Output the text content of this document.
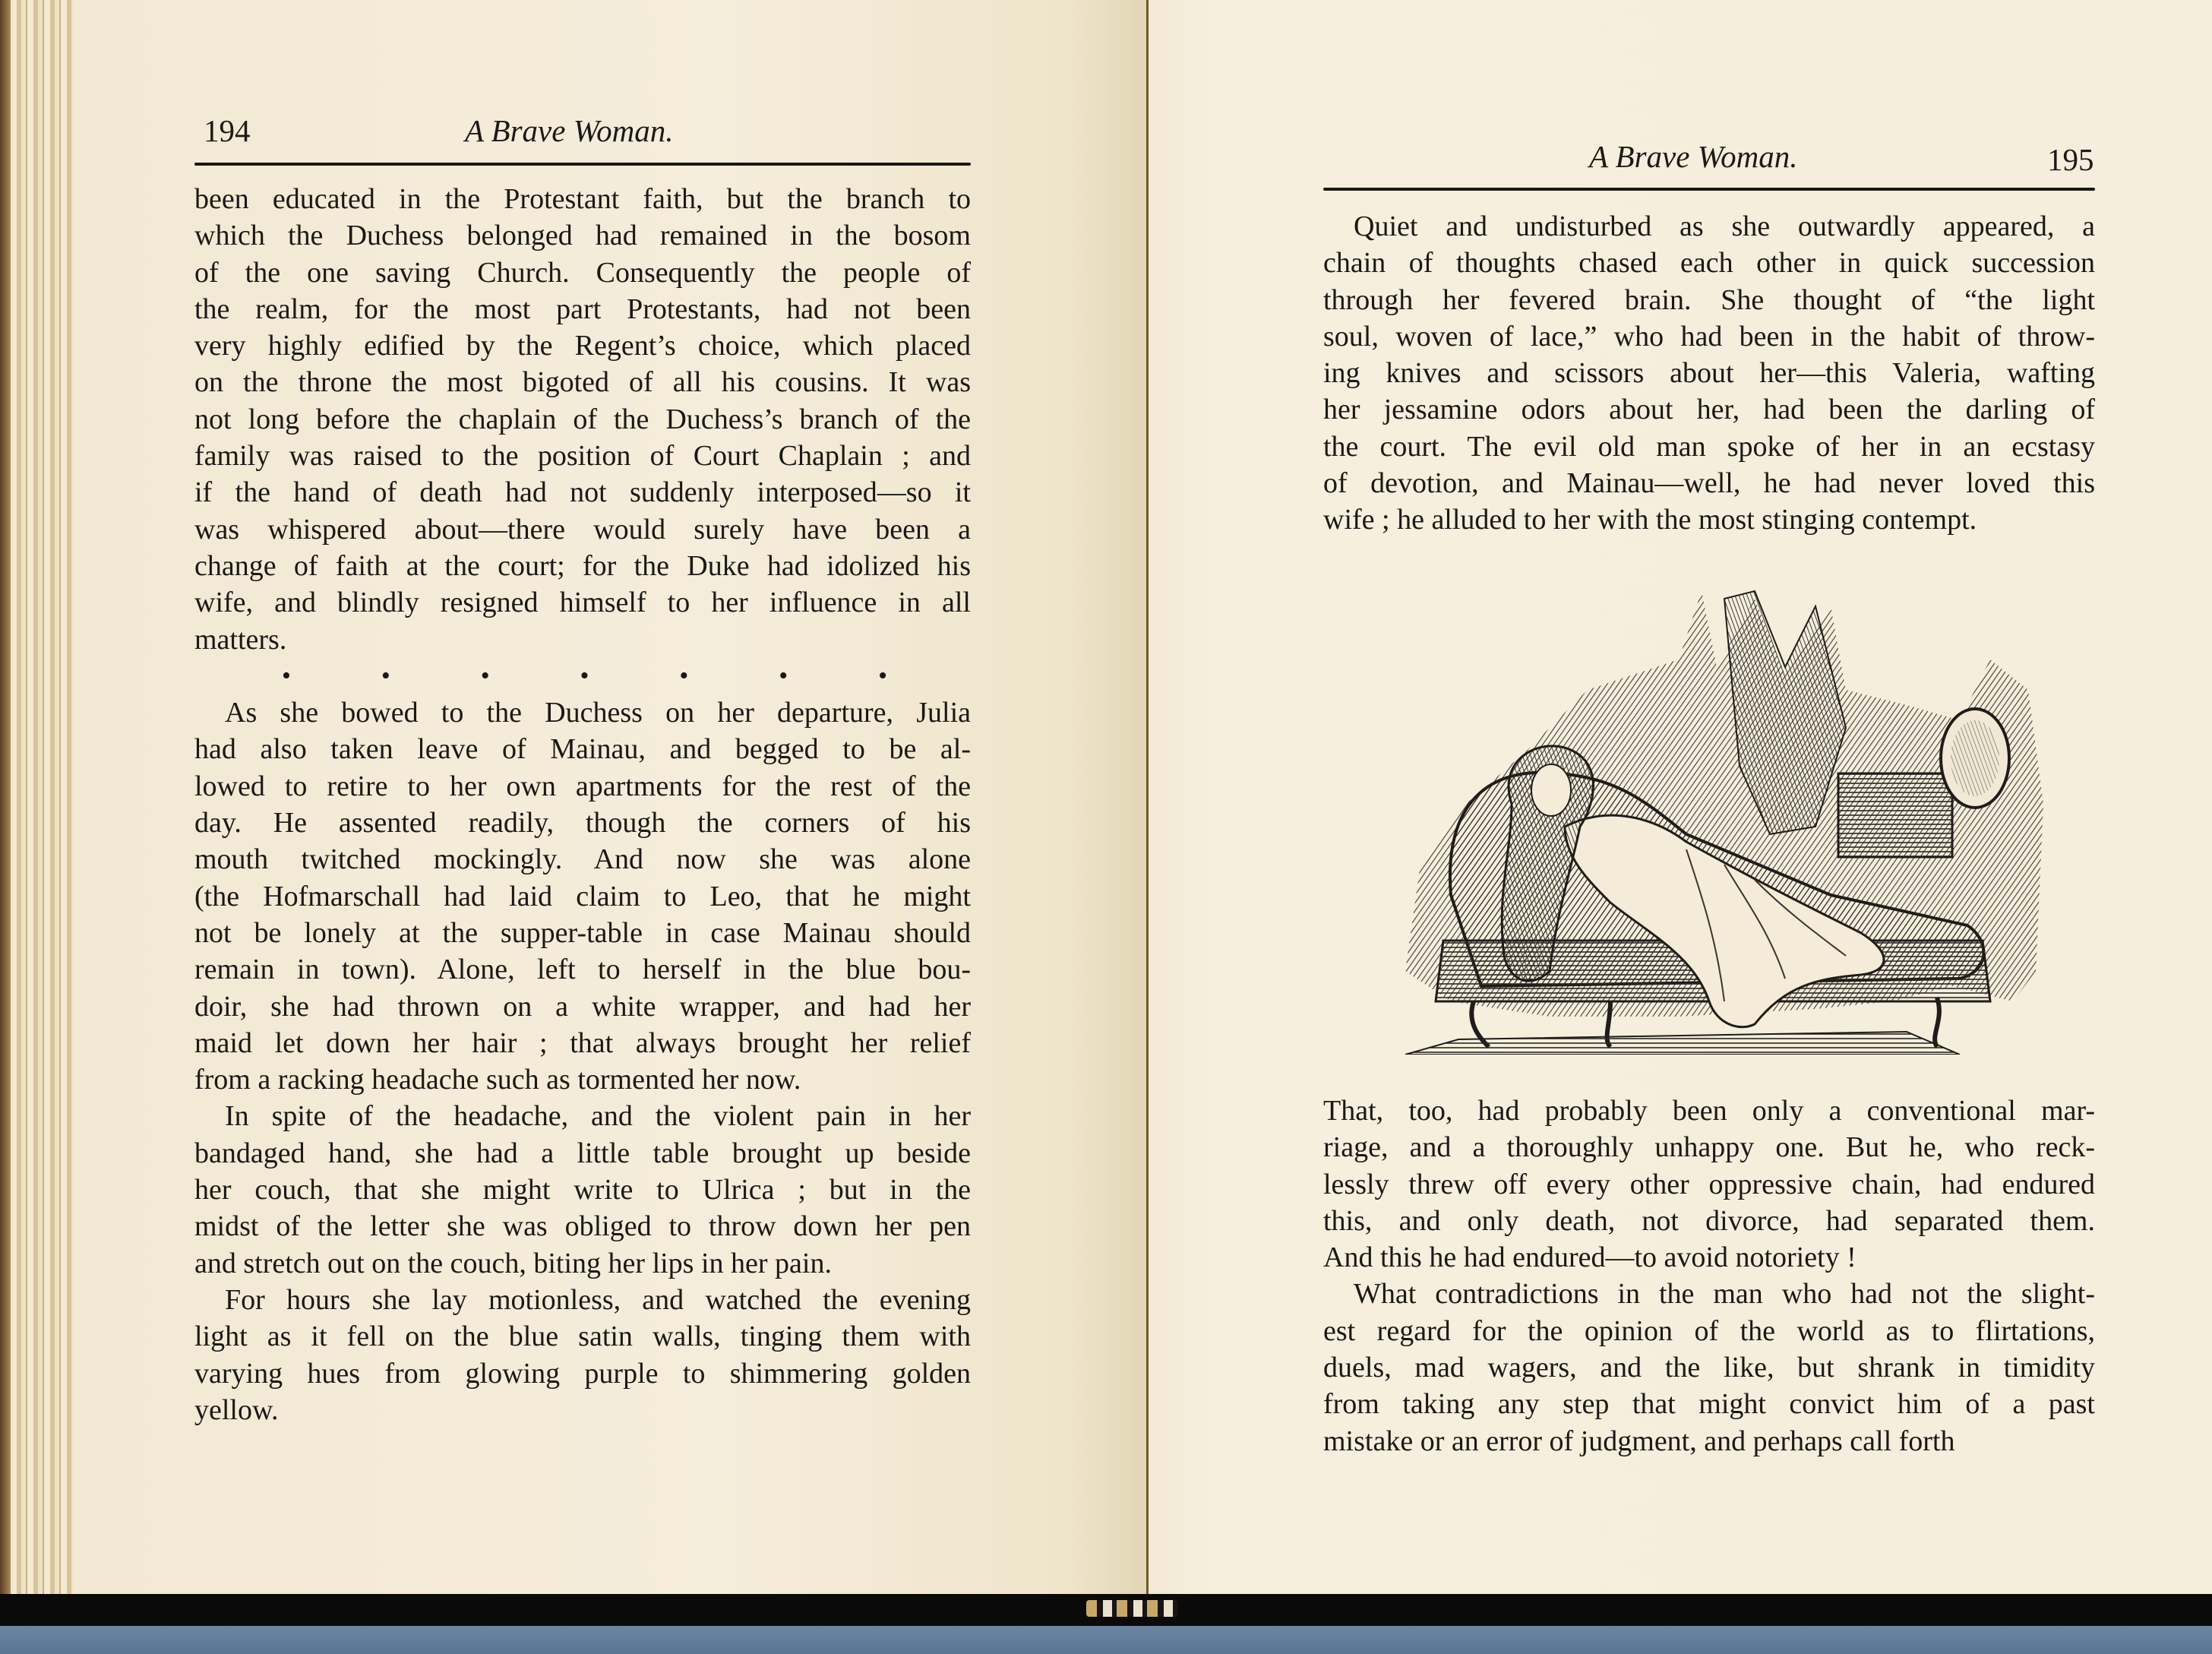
194	A Brave Woman.
been educated in the Protestant faith, but the branch to
which the Duchess belonged had remained in the bosom
of the one saving Church. Consequently the people of
the realm, for the most part Protestants, had not been
very highly edified by the Regent’s choice, which placed
on the throne the most bigoted of all his cousins. It was
not long before the chaplain of the Duchess’s branch of the
family was raised to the position of Court Chaplain ; and
if the hand of death had not suddenly interposed—so it
was whispered about—there would surely have been a
change of faith at the court; for the Duke had idolized his
wife, and blindly resigned himself to her influence in all
matters.
•	•	•	•	•	•	•
As she bowed to the Duchess on her departure, Julia
had also taken leave of Mainau, and begged to be al-
lowed to retire to her own apartments for the rest of the
day. He assented readily, though the corners of his
mouth twitched mockingly. And now she was alone
(the Hofmarschall had laid claim to Leo, that he might
not be lonely at the supper-table in case Mainau should
remain in town). Alone, left to herself in the blue bou-
doir, she had thrown on a white wrapper, and had her
maid let down her hair ; that always brought her relief
from a racking headache such as tormented her now.
In spite of the headache, and the violent pain in her
bandaged hand, she had a little table brought up beside
her couch, that she might write to Ulrica ; but in the
midst of the letter she was obliged to throw down her pen
and stretch out on the couch, biting her lips in her pain.
For hours she lay motionless, and watched the evening
light as it fell on the blue satin walls, tinging them with
varying hues from glowing purple to shimmering golden
yellow.
A Brave Woman.	195
Quiet and undisturbed as she outwardly appeared, a
chain of thoughts chased each other in quick succession
through her fevered brain. She thought of “the light
soul, woven of lace,” who had been in the habit of throw-
ing knives and scissors about her—this Valeria, wafting
her jessamine odors about her, had been the darling of
the court. The evil old man spoke of her in an ecstasy
of devotion, and Mainau—well, he had never loved this
wife ; he alluded to her with the most stinging contempt.
That, too, had probably been only a conventional mar-
riage, and a thoroughly unhappy one. But he, who reck-
lessly threw off every other oppressive chain, had endured
this, and only death, not divorce, had separated them.
And this he had endured—to avoid notoriety !
What contradictions in the man who had not the slight-
est regard for the opinion of the world as to flirtations,
duels, mad wagers, and the like, but shrank in timidity
from taking any step that might convict him of a past
mistake or an error of judgment, and perhaps call forth
